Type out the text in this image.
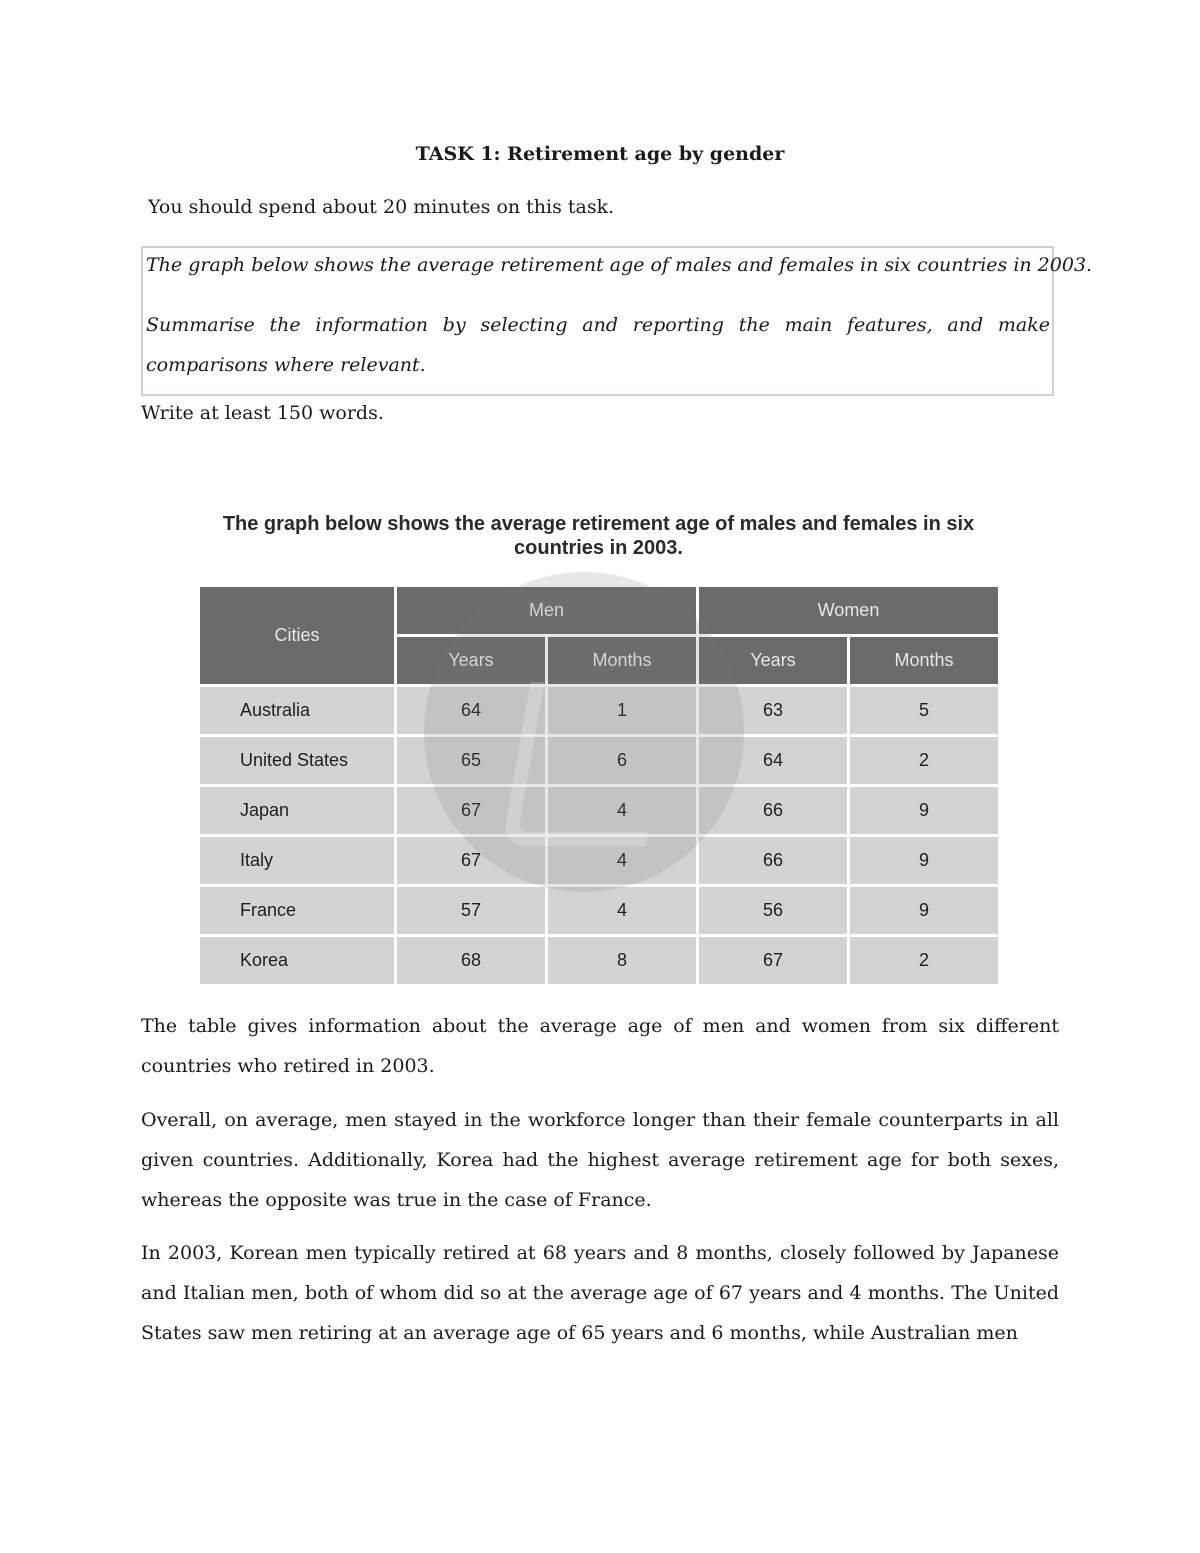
TASK 1: Retirement age by gender
You should spend about 20 minutes on this task.
The graph below shows the average retirement age of males and females in six countries in 2003.
Summarise the information by selecting and reporting the main features, and make comparisons where relevant.
Write at least 150 words.
The graph below shows the average retirement age of males and females in six countries in 2003.
Cities	Men		Women	
	Years	Months	Years	Months
Australia	64	1	63	5
United States	65	6	64	2
Japan	67	4	66	9
Italy	67	4	66	9
France	57	4	56	9
Korea	68	8	67	2
The table gives information about the average age of men and women from six different countries who retired in 2003.
Overall, on average, men stayed in the workforce longer than their female counterparts in all given countries. Additionally, Korea had the highest average retirement age for both sexes, whereas the opposite was true in the case of France.
In 2003, Korean men typically retired at 68 years and 8 months, closely followed by Japanese and Italian men, both of whom did so at the average age of 67 years and 4 months. The United States saw men retiring at an average age of 65 years and 6 months, while Australian men
